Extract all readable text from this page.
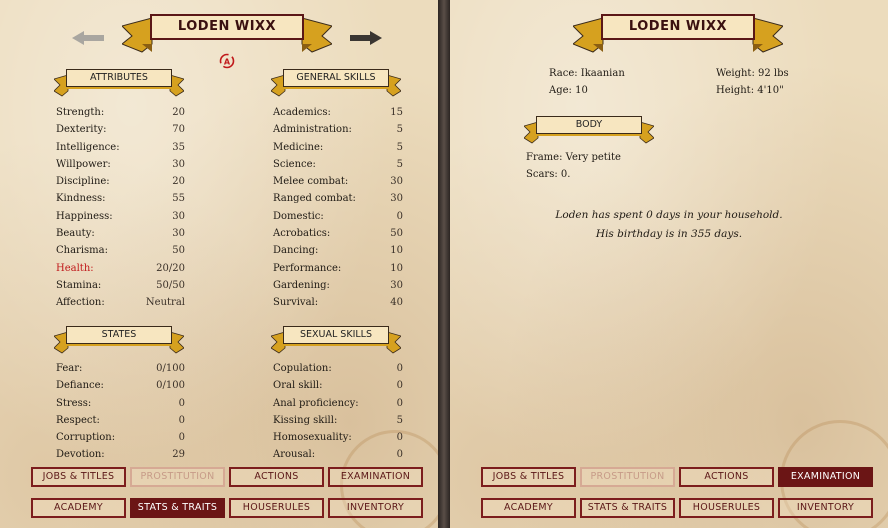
LODEN WIXX
A
ATTRIBUTES
Strength:	20
Dexterity:	70
Intelligence:	35
Willpower:	30
Discipline:	20
Kindness:	55
Happiness:	30
Beauty:	30
Charisma:	50
Health:	20/20
Stamina:	50/50
Affection:	Neutral
GENERAL SKILLS
Academics:	15
Administration:	5
Medicine:	5
Science:	5
Melee combat:	30
Ranged combat:	30
Domestic:	0
Acrobatics:	50
Dancing:	10
Performance:	10
Gardening:	30
Survival:	40
STATES
Fear:	0/100
Defiance:	0/100
Stress:	0
Respect:	0
Corruption:	0
Devotion:	29
SEXUAL SKILLS
Copulation:	0
Oral skill:	0
Anal proficiency:	0
Kissing skill:	5
Homosexuality:	0
Arousal:	0
JOBS & TITLES	PROSTITUTION	ACTIONS	EXAMINATION
ACADEMY	STATS & TRAITS	HOUSERULES	INVENTORY
LODEN WIXX
Race: Ikaanian
Age: 10
Weight: 92 lbs
Height: 4'10"
BODY
Frame: Very petite
Scars: 0.
Loden has spent 0 days in your household.
His birthday is in 355 days.
JOBS & TITLES	PROSTITUTION	ACTIONS	EXAMINATION
ACADEMY	STATS & TRAITS	HOUSERULES	INVENTORY
